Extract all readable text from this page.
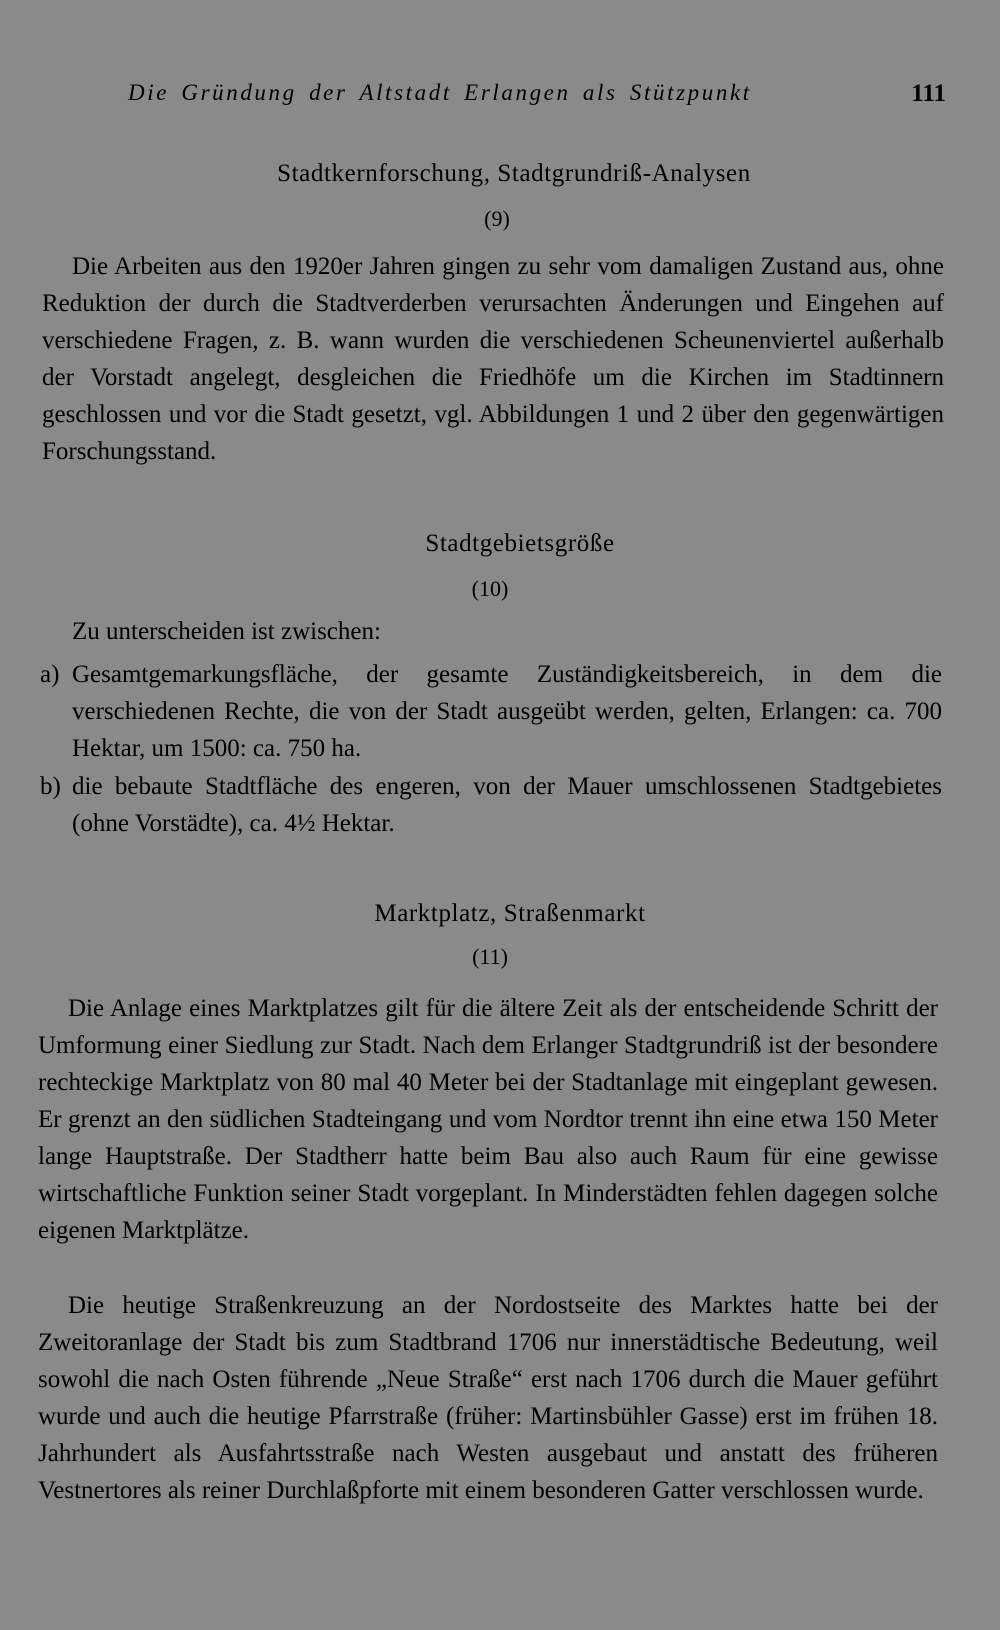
Die Gründung der Altstadt Erlangen als Stützpunkt	111
Stadtkernforschung, Stadtgrundriß-Analysen
(9)

Die Arbeiten aus den 1920er Jahren gingen zu sehr vom damaligen Zustand aus, ohne Reduktion der durch die Stadtverderben verursachten Änderungen und Eingehen auf verschiedene Fragen, z. B. wann wurden die verschiedenen Scheunenviertel außerhalb der Vorstadt angelegt, desgleichen die Friedhöfe um die Kirchen im Stadtinnern geschlossen und vor die Stadt gesetzt, vgl. Abbildungen 1 und 2 über den gegenwärtigen Forschungsstand.

Stadtgebietsgröße
(10)
Zu unterscheiden ist zwischen:
a) Gesamtgemarkungsfläche, der gesamte Zuständigkeitsbereich, in dem die verschiedenen Rechte, die von der Stadt ausgeübt werden, gelten, Erlangen: ca. 700 Hektar, um 1500: ca. 750 ha.
b) die bebaute Stadtfläche des engeren, von der Mauer umschlossenen Stadtgebietes (ohne Vorstädte), ca. 4½ Hektar.
Marktplatz, Straßenmarkt
(11)

Die Anlage eines Marktplatzes gilt für die ältere Zeit als der entscheidende Schritt der Umformung einer Siedlung zur Stadt. Nach dem Erlanger Stadtgrundriß ist der besondere rechteckige Marktplatz von 80 mal 40 Meter bei der Stadtanlage mit eingeplant gewesen. Er grenzt an den südlichen Stadteingang und vom Nordtor trennt ihn eine etwa 150 Meter lange Hauptstraße. Der Stadtherr hatte beim Bau also auch Raum für eine gewisse wirtschaftliche Funktion seiner Stadt vorgeplant. In Minderstädten fehlen dagegen solche eigenen Marktplätze.

Die heutige Straßenkreuzung an der Nordostseite des Marktes hatte bei der Zweitoranlage der Stadt bis zum Stadtbrand 1706 nur innerstädtische Bedeutung, weil sowohl die nach Osten führende „Neue Straße“ erst nach 1706 durch die Mauer geführt wurde und auch die heutige Pfarrstraße (früher: Martinsbühler Gasse) erst im frühen 18. Jahrhundert als Ausfahrtsstraße nach Westen ausgebaut und anstatt des früheren Vestnertores als reiner Durchlaßpforte mit einem besonderen Gatter verschlossen wurde.
